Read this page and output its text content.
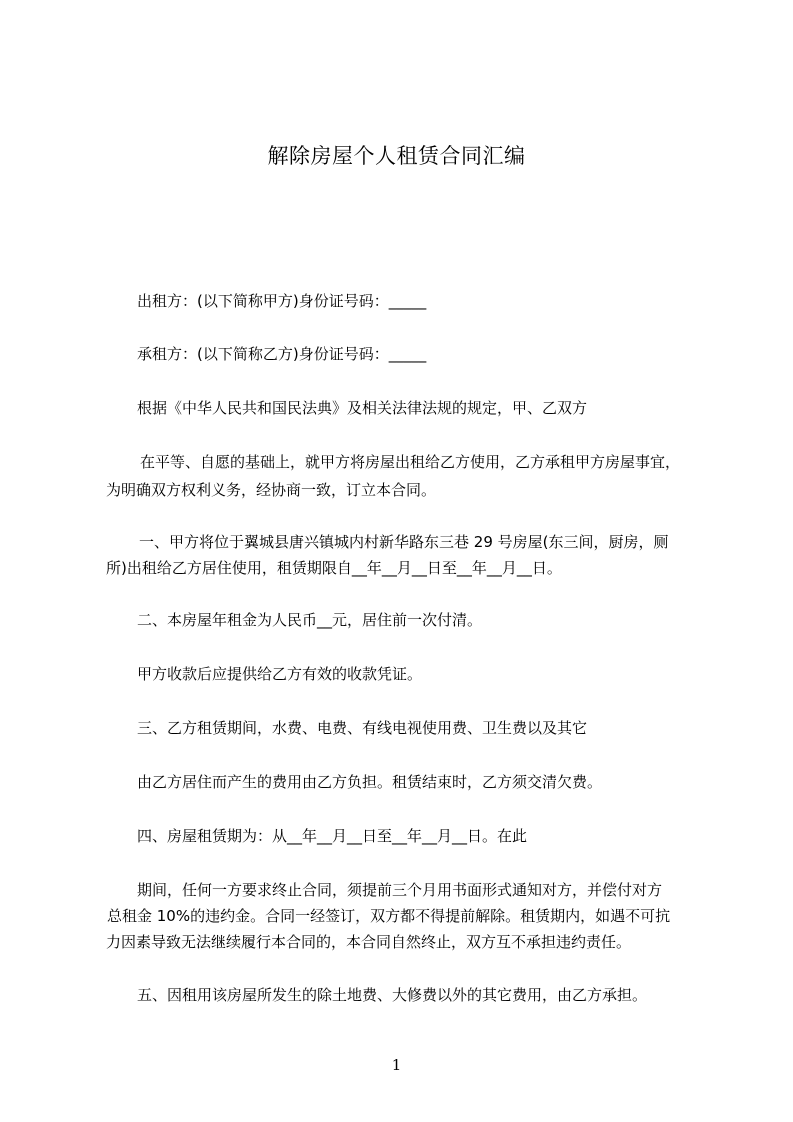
解除房屋个人租赁合同汇编
出租方：(以下简称甲方)身份证号码：_____
承租方：(以下简称乙方)身份证号码：_____
根据《中华人民共和国民法典》及相关法律法规的规定，甲、乙双方
在平等、自愿的基础上，就甲方将房屋出租给乙方使用，乙方承租甲方房屋事宜，
为明确双方权利义务，经协商一致，订立本合同。
一、甲方将位于翼城县唐兴镇城内村新华路东三巷 29 号房屋(东三间，厨房，厕
所)出租给乙方居住使用，租赁期限自__年__月__日至__年__月__日。
二、本房屋年租金为人民币__元，居住前一次付清。
甲方收款后应提供给乙方有效的收款凭证。
三、乙方租赁期间，水费、电费、有线电视使用费、卫生费以及其它
由乙方居住而产生的费用由乙方负担。租赁结束时，乙方须交清欠费。
四、房屋租赁期为：从__年__月__日至__年__月__日。在此
期间，任何一方要求终止合同，须提前三个月用书面形式通知对方，并偿付对方
总租金 10%的违约金。合同一经签订，双方都不得提前解除。租赁期内，如遇不可抗
力因素导致无法继续履行本合同的，本合同自然终止，双方互不承担违约责任。
五、因租用该房屋所发生的除土地费、大修费以外的其它费用，由乙方承担。
1
